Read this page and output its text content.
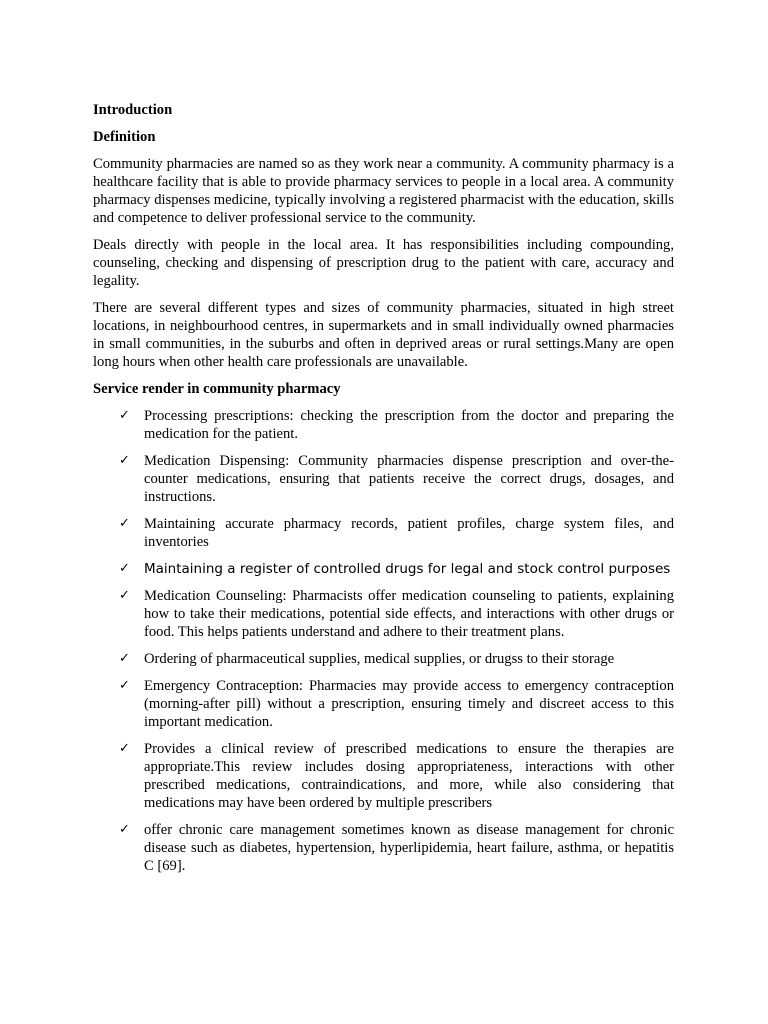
Introduction
Definition

Community pharmacies are named so as they work near a community. A community pharmacy is a healthcare facility that is able to provide pharmacy services to people in a local area. A community pharmacy dispenses medicine, typically involving a registered pharmacist with the education, skills and competence to deliver professional service to the community.

Deals directly with people in the local area. It has responsibilities including compounding, counseling, checking and dispensing of prescription drug to the patient with care, accuracy and legality.

There are several different types and sizes of community pharmacies, situated in high street locations, in neighbourhood centres, in supermarkets and in small individually owned pharmacies in small communities, in the suburbs and often in deprived areas or rural settings.Many are open long hours when other health care professionals are unavailable.

Service render in community pharmacy
✓ Processing prescriptions: checking the prescription from the doctor and preparing the medication for the patient.
✓ Medication Dispensing: Community pharmacies dispense prescription and over-the-counter medications, ensuring that patients receive the correct drugs, dosages, and instructions.
✓ Maintaining accurate pharmacy records, patient profiles, charge system files, and inventories
✓ Maintaining a register of controlled drugs for legal and stock control purposes
✓ Medication Counseling: Pharmacists offer medication counseling to patients, explaining how to take their medications, potential side effects, and interactions with other drugs or food. This helps patients understand and adhere to their treatment plans.
✓ Ordering of pharmaceutical supplies, medical supplies, or drugss to their storage
✓ Emergency Contraception: Pharmacies may provide access to emergency contraception (morning-after pill) without a prescription, ensuring timely and discreet access to this important medication.
✓ Provides a clinical review of prescribed medications to ensure the therapies are appropriate.This review includes dosing appropriateness, interactions with other prescribed medications, contraindications, and more, while also considering that medications may have been ordered by multiple prescribers
✓ offer chronic care management sometimes known as disease management for chronic disease such as diabetes, hypertension, hyperlipidemia, heart failure, asthma, or hepatitis C [69].
